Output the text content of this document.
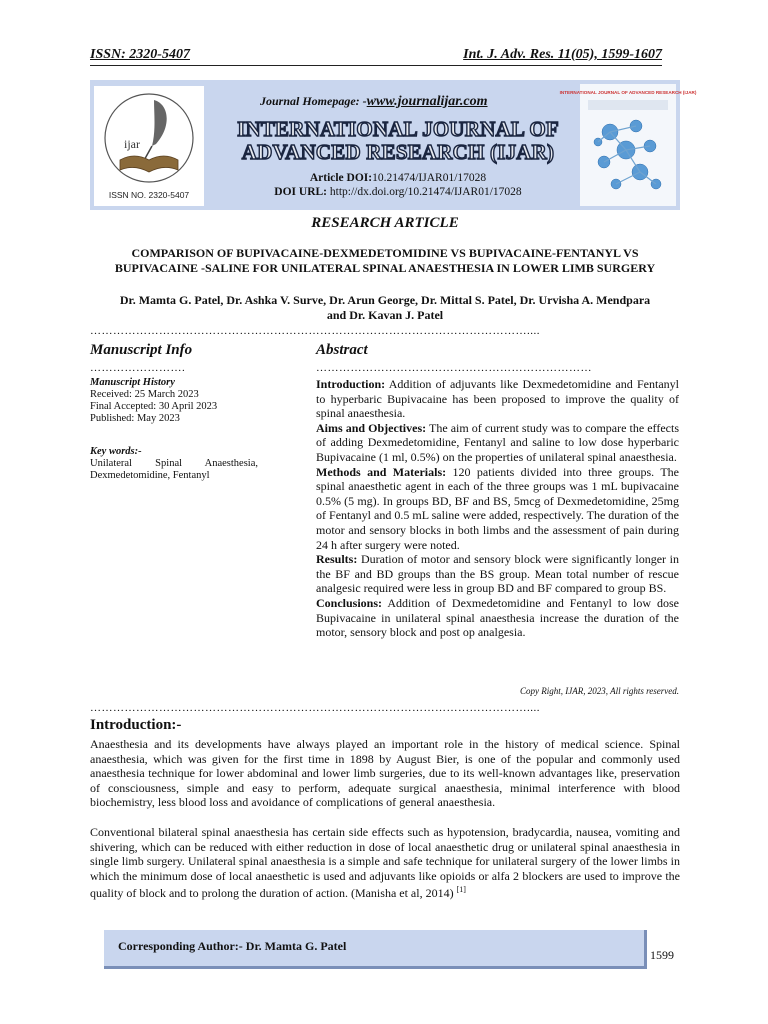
ISSN: 2320-5407	Int. J. Adv. Res. 11(05), 1599-1607
ijar
ISSN NO. 2320-5407
Journal Homepage: -www.journalijar.com
INTERNATIONAL JOURNAL OF
ADVANCED RESEARCH (IJAR)
Article DOI:10.21474/IJAR01/17028
DOI URL: http://dx.doi.org/10.21474/IJAR01/17028
INTERNATIONAL JOURNAL OF ADVANCED RESEARCH (IJAR)
RESEARCH ARTICLE
COMPARISON OF BUPIVACAINE-DEXMEDETOMIDINE VS BUPIVACAINE-FENTANYL VS
BUPIVACAINE -SALINE FOR UNILATERAL SPINAL ANAESTHESIA IN LOWER LIMB SURGERY
Dr. Mamta G. Patel, Dr. Ashka V. Surve, Dr. Arun George, Dr. Mittal S. Patel, Dr. Urvisha A. Mendpara
and Dr. Kavan J. Patel
……………………………………………………………………………………………………....
Manuscript Info	Abstract
…………………….	………………………………………………………………
Manuscript History
Received: 25 March 2023
Final Accepted: 30 April 2023
Published: May 2023
Key words:-
Unilateral Spinal Anaesthesia,
Dexmedetomidine, Fentanyl

Introduction: Addition of adjuvants like Dexmedetomidine and Fentanyl to hyperbaric Bupivacaine has been proposed to improve the quality of spinal anaesthesia.

Aims and Objectives: The aim of current study was to compare the effects of adding Dexmedetomidine, Fentanyl and saline to low dose hyperbaric Bupivacaine (1 ml, 0.5%) on the properties of unilateral spinal anaesthesia.

Methods and Materials: 120 patients divided into three groups. The spinal anaesthetic agent in each of the three groups was 1 mL bupivacaine 0.5% (5 mg). In groups BD, BF and BS, 5mcg of Dexmedetomidine, 25mg of Fentanyl and 0.5 mL saline were added, respectively. The duration of the motor and sensory blocks in both limbs and the assessment of pain during 24 h after surgery were noted.

Results: Duration of motor and sensory block were significantly longer in the BF and BD groups than the BS group. Mean total number of rescue analgesic required were less in group BD and BF compared to group BS.

Conclusions: Addition of Dexmedetomidine and Fentanyl to low dose Bupivacaine in unilateral spinal anaesthesia increase the duration of the motor, sensory block and post op analgesia.

Copy Right, IJAR, 2023, All rights reserved.
……………………………………………………………………………………………………....
Introduction:-
Anaesthesia and its developments have always played an important role in the history of medical science. Spinal anaesthesia, which was given for the first time in 1898 by August Bier, is one of the popular and commonly used anaesthesia technique for lower abdominal and lower limb surgeries, due to its well-known advantages like, preservation of consciousness, simple and easy to perform, adequate surgical anaesthesia, minimal interference with blood biochemistry, less blood loss and avoidance of complications of general anaesthesia.
Conventional bilateral spinal anaesthesia has certain side effects such as hypotension, bradycardia, nausea, vomiting and shivering, which can be reduced with either reduction in dose of local anaesthetic drug or unilateral spinal anaesthesia in single limb surgery. Unilateral spinal anaesthesia is a simple and safe technique for unilateral surgery of the lower limbs in which the minimum dose of local anaesthetic is used and adjuvants like opioids or alfa 2 blockers are used to improve the quality of block and to prolong the duration of action. (Manisha et al, 2014) [1]
Corresponding Author:- Dr. Mamta G. Patel
1599
